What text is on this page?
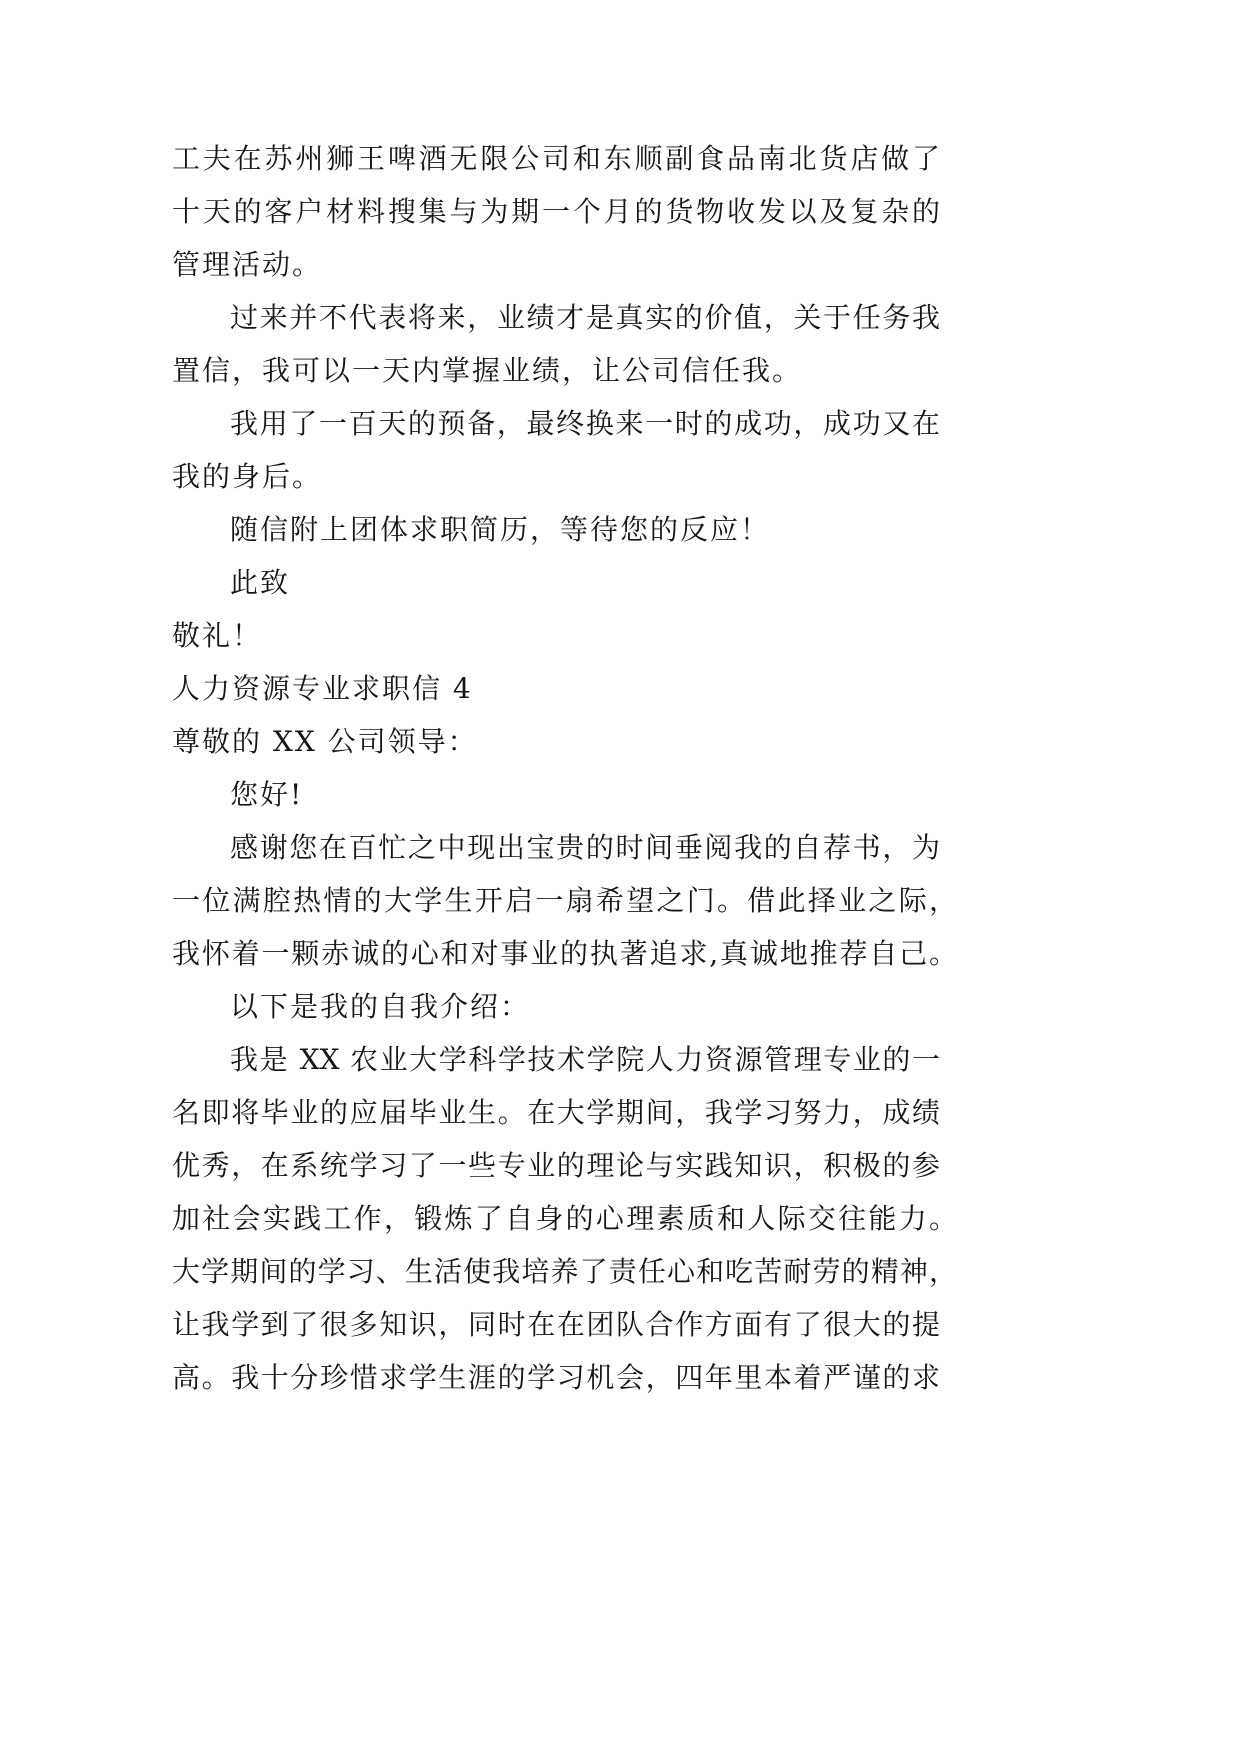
工夫在苏州狮王啤酒无限公司和东顺副食品南北货店做了
十天的客户材料搜集与为期一个月的货物收发以及复杂的
管理活动。
过来并不代表将来，业绩才是真实的价值，关于任务我
置信，我可以一天内掌握业绩，让公司信任我。
我用了一百天的预备，最终换来一时的成功，成功又在
我的身后。
随信附上团体求职简历，等待您的反应！
此致
敬礼！
人力资源专业求职信 4
尊敬的 XX 公司领导：
您好!
感谢您在百忙之中现出宝贵的时间垂阅我的自荐书，为
一位满腔热情的大学生开启一扇希望之门。借此择业之际，
我怀着一颗赤诚的心和对事业的执著追求,真诚地推荐自己。
以下是我的自我介绍：
我是 XX 农业大学科学技术学院人力资源管理专业的一
名即将毕业的应届毕业生。在大学期间，我学习努力，成绩
优秀，在系统学习了一些专业的理论与实践知识，积极的参
加社会实践工作，锻炼了自身的心理素质和人际交往能力。
大学期间的学习、生活使我培养了责任心和吃苦耐劳的精神，
让我学到了很多知识，同时在在团队合作方面有了很大的提
高。我十分珍惜求学生涯的学习机会，四年里本着严谨的求
